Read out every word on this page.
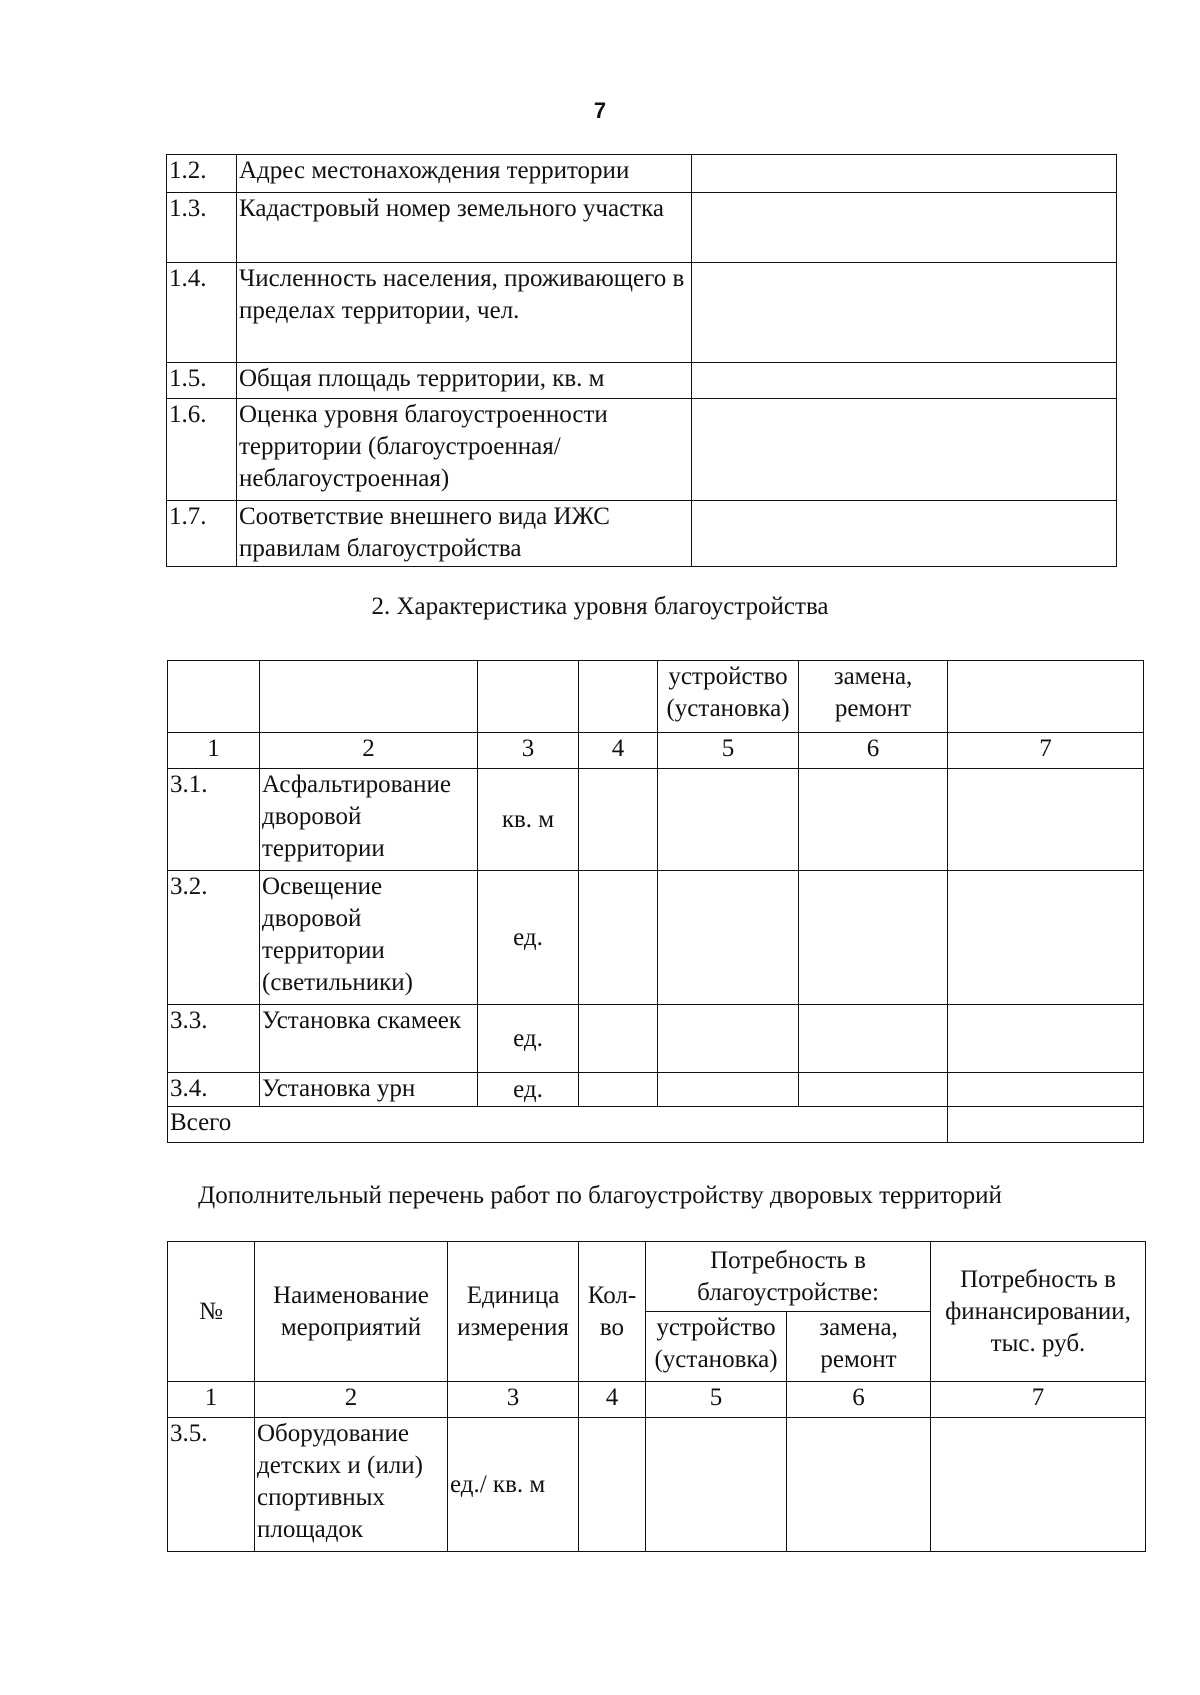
7
1.2.	Адрес местонахождения территории	
1.3.	Кадастровый номер земельного участка	
1.4.	Численность населения, проживающего в пределах территории, чел.	
1.5.	Общая площадь территории, кв. м	
1.6.	Оценка уровня благоустроенности территории (благоустроенная/ неблагоустроенная)	
1.7.	Соответствие внешнего вида ИЖС правилам благоустройства	
2. Характеристика уровня благоустройства
				устройство (установка)	замена, ремонт	
1	2	3	4	5	6	7
3.1.	Асфальтирование дворовой территории	кв. м				
3.2.	Освещение дворовой территории (светильники)	ед.				
3.3.	Установка скамеек	ед.				
3.4.	Установка урн	ед.				
Всего						
Дополнительный перечень работ по благоустройству дворовых территорий
№	Наименование мероприятий	Единица измерения	Кол- во	Потребность в благоустройстве:		Потребность в финансировании, тыс. руб.
				устройство (установка)	замена, ремонт	
1	2	3	4	5	6	7
3.5.	Оборудование детских и (или) спортивных площадок	ед./ кв. м				
